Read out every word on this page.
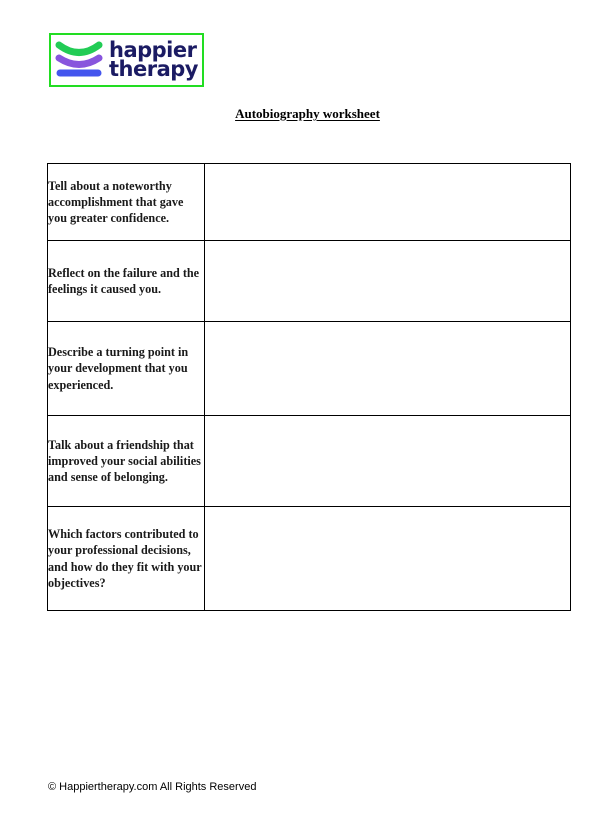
happier
therapy
Autobiography worksheet
Tell about a noteworthy accomplishment that gave you greater confidence.	
Reflect on the failure and the feelings it caused you.	
Describe a turning point in your development that you experienced.	
Talk about a friendship that improved your social abilities and sense of belonging.	
Which factors contributed to your professional decisions, and how do they fit with your objectives?	
© Happiertherapy.com All Rights Reserved
